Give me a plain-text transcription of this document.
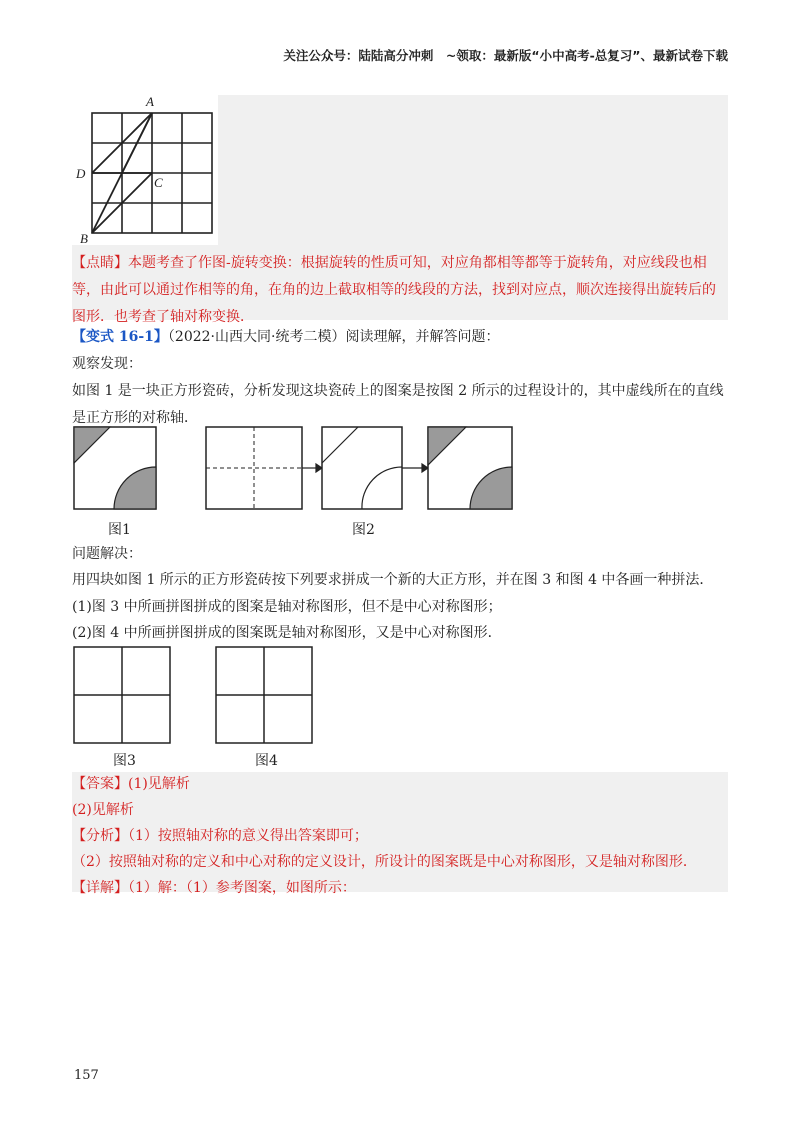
关注公众号：陆陆高分冲刺　~领取：最新版“小中高考-总复习”、最新试卷下载
A
D
C
B
【点睛】本题考查了作图-旋转变换：根据旋转的性质可知，对应角都相等都等于旋转角，对应线段也相等，由此可以通过作相等的角，在角的边上截取相等的线段的方法，找到对应点，顺次连接得出旋转后的图形．也考查了轴对称变换．
【变式 16-1】（2022·山西大同·统考二模）阅读理解，并解答问题：
观察发现：
如图 1 是一块正方形瓷砖，分析发现这块瓷砖上的图案是按图 2 所示的过程设计的，其中虚线所在的直线是正方形的对称轴．
图1	图2
问题解决：
用四块如图 1 所示的正方形瓷砖按下列要求拼成一个新的大正方形，并在图 3 和图 4 中各画一种拼法．
(1)图 3 中所画拼图拼成的图案是轴对称图形，但不是中心对称图形；
(2)图 4 中所画拼图拼成的图案既是轴对称图形，又是中心对称图形．
图3	图4
【答案】(1)见解析
(2)见解析
【分析】（1）按照轴对称的意义得出答案即可；
（2）按照轴对称的定义和中心对称的定义设计，所设计的图案既是中心对称图形，又是轴对称图形．
【详解】（1）解：（1）参考图案，如图所示：
157
